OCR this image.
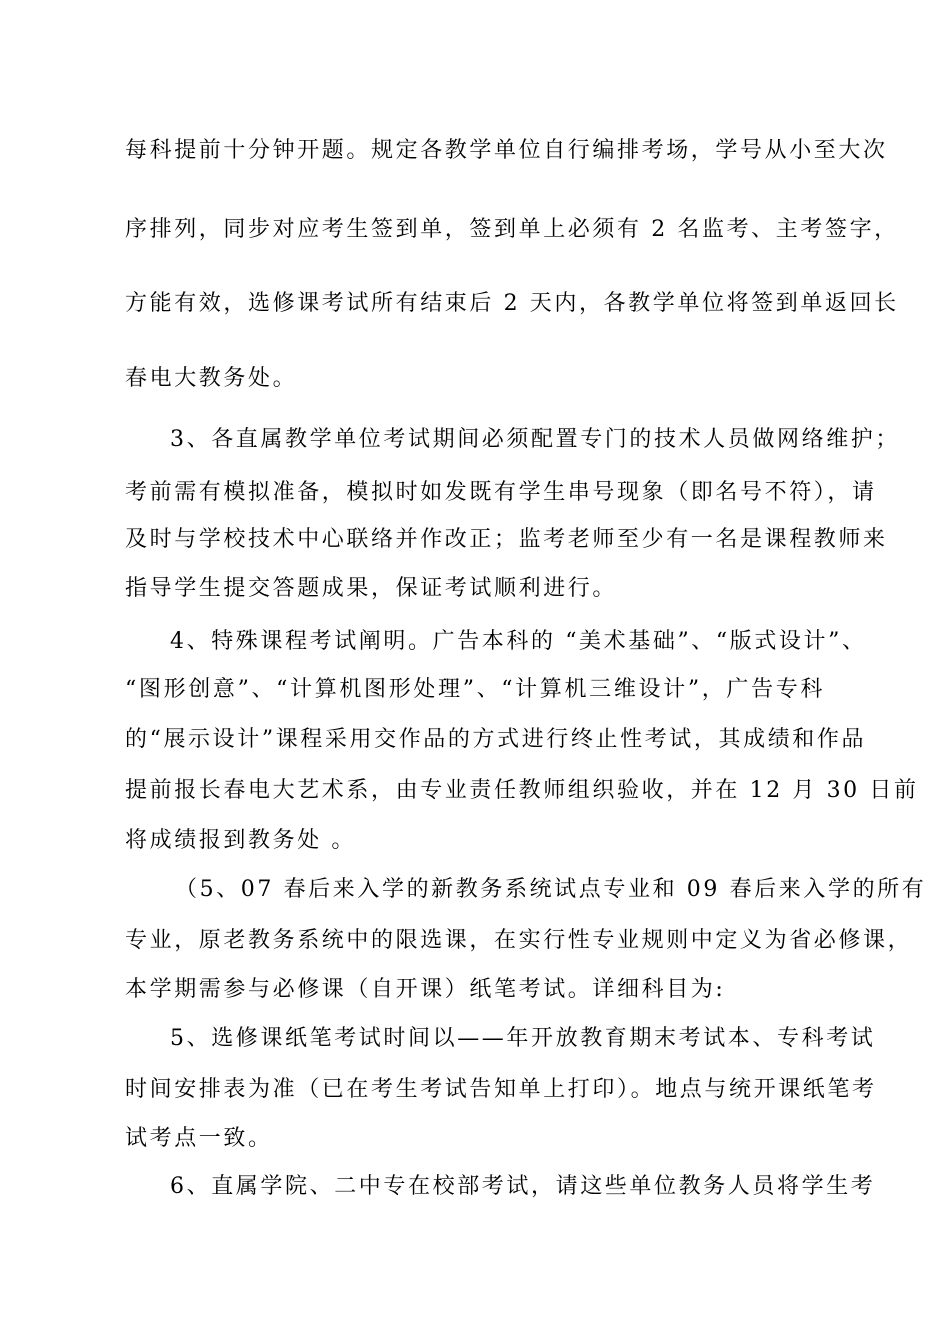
每科提前十分钟开题。规定各教学单位自行编排考场，学号从小至大次
序排列，同步对应考生签到单，签到单上必须有 2 名监考、主考签字，
方能有效，选修课考试所有结束后 2 天内，各教学单位将签到单返回长
春电大教务处。
3、各直属教学单位考试期间必须配置专门的技术人员做网络维护；
考前需有模拟准备，模拟时如发既有学生串号现象（即名号不符），请
及时与学校技术中心联络并作改正；监考老师至少有一名是课程教师来
指导学生提交答题成果，保证考试顺利进行。
4、特殊课程考试阐明。广告本科的 “美术基础”、“版式设计”、
“图形创意”、“计算机图形处理”、“计算机三维设计”，广告专科
的“展示设计”课程采用交作品的方式进行终止性考试，其成绩和作品
提前报长春电大艺术系，由专业责任教师组织验收，并在 12 月 30 日前
将成绩报到教务处 。
（5、07 春后来入学的新教务系统试点专业和 09 春后来入学的所有
专业，原老教务系统中的限选课，在实行性专业规则中定义为省必修课，
本学期需参与必修课（自开课）纸笔考试。详细科目为:
5、选修课纸笔考试时间以——年开放教育期末考试本、专科考试
时间安排表为准（已在考生考试告知单上打印）。地点与统开课纸笔考
试考点一致。
6、直属学院、二中专在校部考试，请这些单位教务人员将学生考
